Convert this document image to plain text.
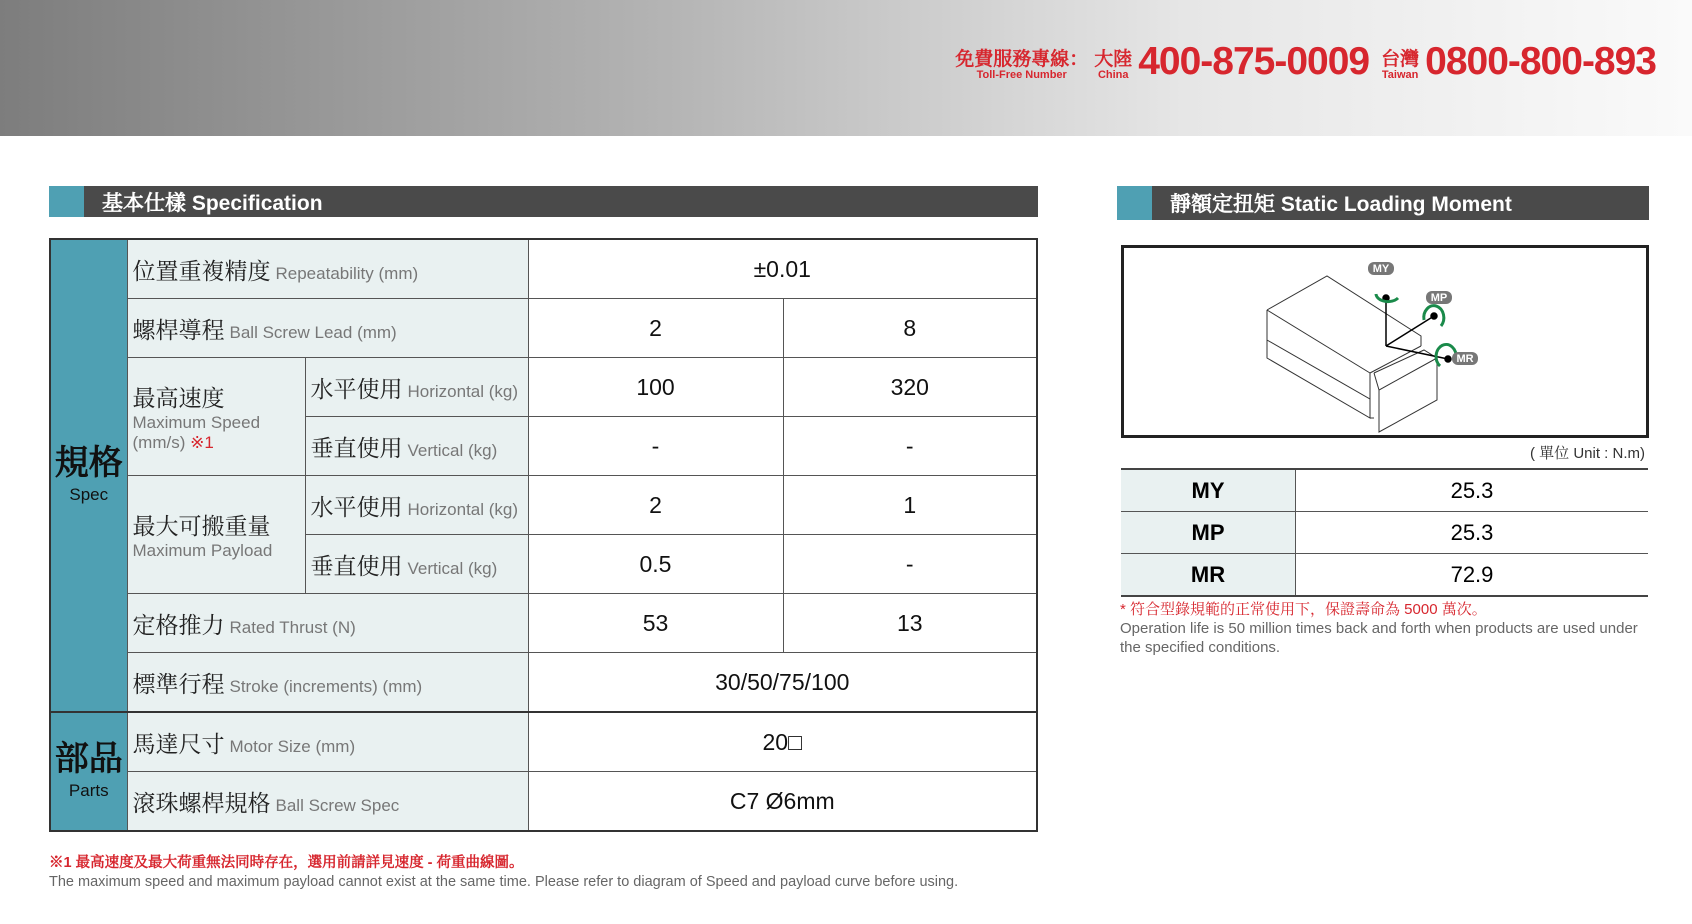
免費服務專線：
Toll-Free Number
大陸
China 400-875-0009 台灣
Taiwan 0800-800-893
基本仕樣 Specification
規格
Spec
	位置重複精度 Repeatability (mm)	±0.01
螺桿導程 Ball Screw Lead (mm)	2	8
最高速度
Maximum Speed
(mm/s) ※1
	水平使用 Horizontal (kg)	100	320
垂直使用 Vertical (kg)	-	-
最大可搬重量
Maximum Payload
	水平使用 Horizontal (kg)	2	1
垂直使用 Vertical (kg)	0.5	-
定格推力 Rated Thrust (N)	53	13
標準行程 Stroke (increments) (mm)	30/50/75/100

部品
Parts
	馬達尺寸 Motor Size (mm)	20□
滾珠螺桿規格 Ball Screw Spec	C7 Ø6mm
※1 最高速度及最大荷重無法同時存在，選用前請詳見速度 - 荷重曲線圖。
The maximum speed and maximum payload cannot exist at the same time. Please refer to diagram of Speed and payload curve before using.
靜額定扭矩 Static Loading Moment
MY
MP
MR
( 單位 Unit : N.m)
MY	25.3
MP	25.3
MR	72.9
* 符合型錄規範的正常使用下，保證壽命為 5000 萬次。
Operation life is 50 million times back and forth when products are used under the specified conditions.
